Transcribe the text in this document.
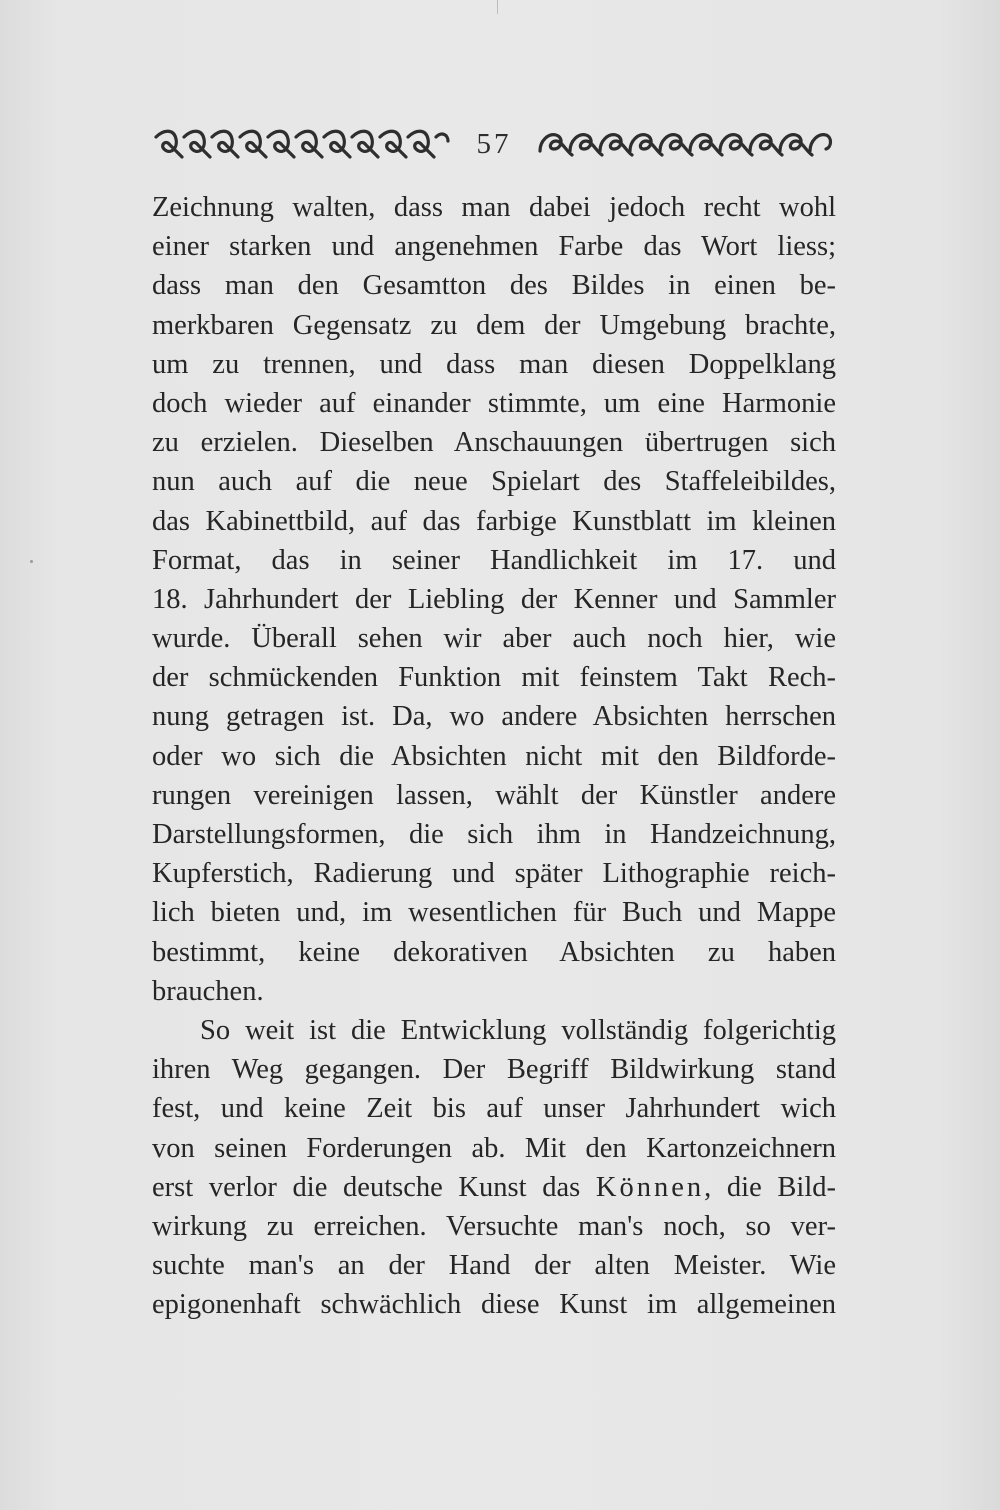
57
Zeichnung walten, dass man dabei jedoch recht wohl
einer starken und angenehmen Farbe das Wort liess;
dass man den Gesamtton des Bildes in einen be-
merkbaren Gegensatz zu dem der Umgebung brachte,
um zu trennen, und dass man diesen Doppelklang
doch wieder auf einander stimmte, um eine Harmonie
zu erzielen. Dieselben Anschauungen übertrugen sich
nun auch auf die neue Spielart des Staffeleibildes,
das Kabinettbild, auf das farbige Kunstblatt im kleinen
Format, das in seiner Handlichkeit im 17. und
18. Jahrhundert der Liebling der Kenner und Sammler
wurde. Überall sehen wir aber auch noch hier, wie
der schmückenden Funktion mit feinstem Takt Rech-
nung getragen ist. Da, wo andere Absichten herrschen
oder wo sich die Absichten nicht mit den Bildforde-
rungen vereinigen lassen, wählt der Künstler andere
Darstellungsformen, die sich ihm in Handzeichnung,
Kupferstich, Radierung und später Lithographie reich-
lich bieten und, im wesentlichen für Buch und Mappe
bestimmt, keine dekorativen Absichten zu haben
brauchen.
So weit ist die Entwicklung vollständig folgerichtig
ihren Weg gegangen. Der Begriff Bildwirkung stand
fest, und keine Zeit bis auf unser Jahrhundert wich
von seinen Forderungen ab. Mit den Kartonzeichnern
erst verlor die deutsche Kunst das Können, die Bild-
wirkung zu erreichen. Versuchte man's noch, so ver-
suchte man's an der Hand der alten Meister. Wie
epigonenhaft schwächlich diese Kunst im allgemeinen
